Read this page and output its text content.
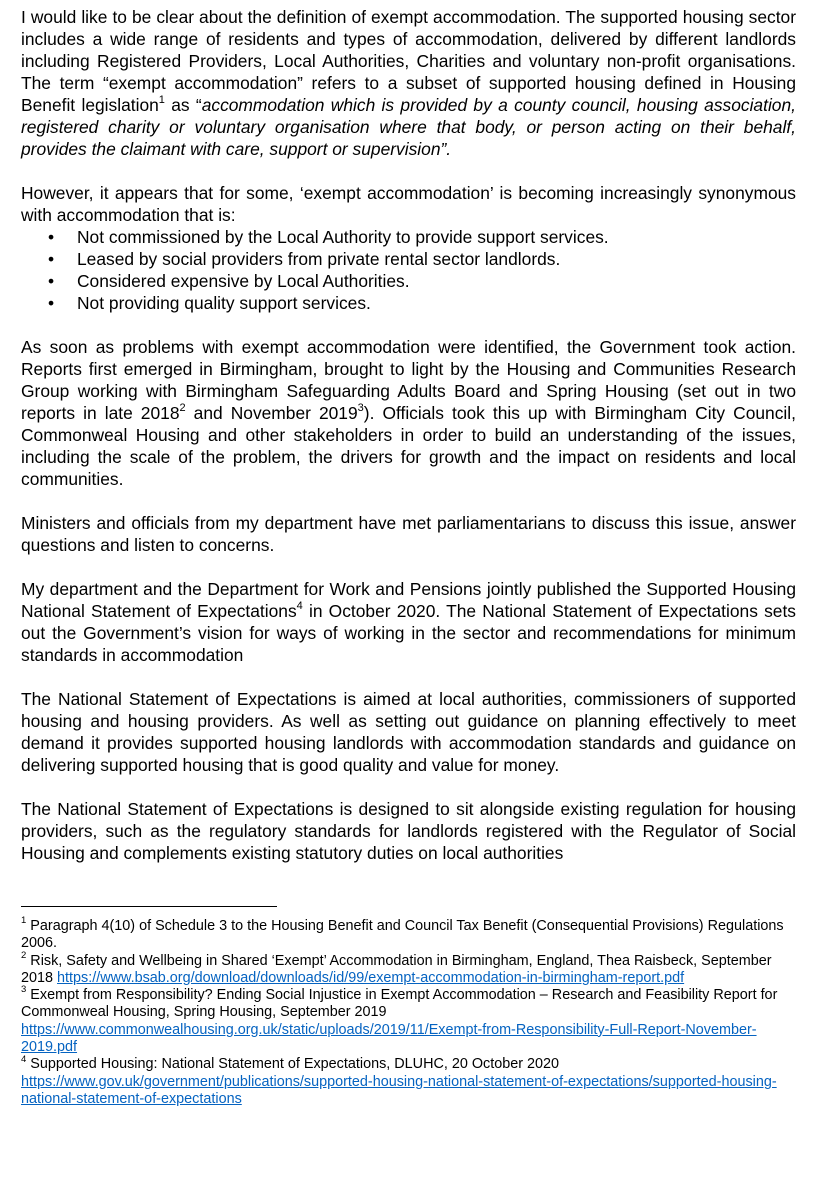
I would like to be clear about the definition of exempt accommodation. The supported housing sector includes a wide range of residents and types of accommodation, delivered by different landlords including Registered Providers, Local Authorities, Charities and voluntary non-profit organisations. The term “exempt accommodation” refers to a subset of supported housing defined in Housing Benefit legislation$^1$ as “accommodation which is provided by a county council, housing association, registered charity or voluntary organisation where that body, or person acting on their behalf, provides the claimant with care, support or supervision”.

However, it appears that for some, ‘exempt accommodation’ is becoming increasingly synonymous with accommodation that is:

• Not commissioned by the Local Authority to provide support services.
• Leased by social providers from private rental sector landlords.
• Considered expensive by Local Authorities.
• Not providing quality support services.

As soon as problems with exempt accommodation were identified, the Government took action. Reports first emerged in Birmingham, brought to light by the Housing and Communities Research Group working with Birmingham Safeguarding Adults Board and Spring Housing (set out in two reports in late 2018$^2$ and November 2019$^3$). Officials took this up with Birmingham City Council, Commonweal Housing and other stakeholders in order to build an understanding of the issues, including the scale of the problem, the drivers for growth and the impact on residents and local communities.

Ministers and officials from my department have met parliamentarians to discuss this issue, answer questions and listen to concerns.

My department and the Department for Work and Pensions jointly published the Supported Housing National Statement of Expectations$^4$ in October 2020. The National Statement of Expectations sets out the Government’s vision for ways of working in the sector and recommendations for minimum standards in accommodation

The National Statement of Expectations is aimed at local authorities, commissioners of supported housing and housing providers. As well as setting out guidance on planning effectively to meet demand it provides supported housing landlords with accommodation standards and guidance on delivering supported housing that is good quality and value for money.

The National Statement of Expectations is designed to sit alongside existing regulation for housing providers, such as the regulatory standards for landlords registered with the Regulator of Social Housing and complements existing statutory duties on local authorities

$^1$ Paragraph 4(10) of Schedule 3 to the Housing Benefit and Council Tax Benefit (Consequential Provisions) Regulations 2006.

$^2$ Risk, Safety and Wellbeing in Shared ‘Exempt’ Accommodation in Birmingham, England, Thea Raisbeck, September 2018 https://www.bsab.org/download/downloads/id/99/exempt-accommodation-in-birmingham-report.pdf

$^3$ Exempt from Responsibility? Ending Social Injustice in Exempt Accommodation – Research and Feasibility Report for Commonweal Housing, Spring Housing, September 2019 https://www.commonwealhousing.org.uk/static/uploads/2019/11/Exempt-from-Responsibility-Full-Report-November-2019.pdf

$^4$ Supported Housing: National Statement of Expectations, DLUHC, 20 October 2020 https://www.gov.uk/government/publications/supported-housing-national-statement-of-expectations/supported-housing-national-statement-of-expectations
